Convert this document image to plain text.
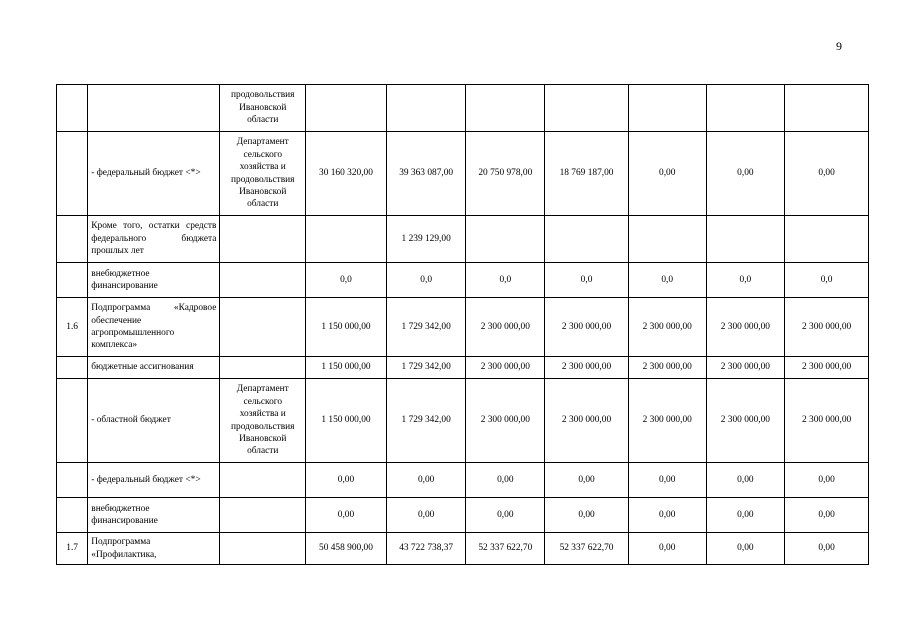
9
		продовольствия Ивановской области							
	- федеральный бюджет <*>	Департамент сельского хозяйства и продовольствия Ивановской области	30 160 320,00	39 363 087,00	20 750 978,00	18 769 187,00	0,00	0,00	0,00
	Кроме того, остатки средств федерального бюджета прошлых лет			1 239 129,00					
	внебюджетное финансирование		0,0	0,0	0,0	0,0	0,0	0,0	0,0
1.6	Подпрограмма «Кадровое обеспечение агропромышленного комплекса»		1 150 000,00	1 729 342,00	2 300 000,00	2 300 000,00	2 300 000,00	2 300 000,00	2 300 000,00
	бюджетные ассигнования		1 150 000,00	1 729 342,00	2 300 000,00	2 300 000,00	2 300 000,00	2 300 000,00	2 300 000,00
	- областной бюджет	Департамент сельского хозяйства и продовольствия Ивановской области	1 150 000,00	1 729 342,00	2 300 000,00	2 300 000,00	2 300 000,00	2 300 000,00	2 300 000,00
	- федеральный бюджет <*>		0,00	0,00	0,00	0,00	0,00	0,00	0,00
	внебюджетное финансирование		0,00	0,00	0,00	0,00	0,00	0,00	0,00
1.7	Подпрограмма «Профилактика,		50 458 900,00	43 722 738,37	52 337 622,70	52 337 622,70	0,00	0,00	0,00
